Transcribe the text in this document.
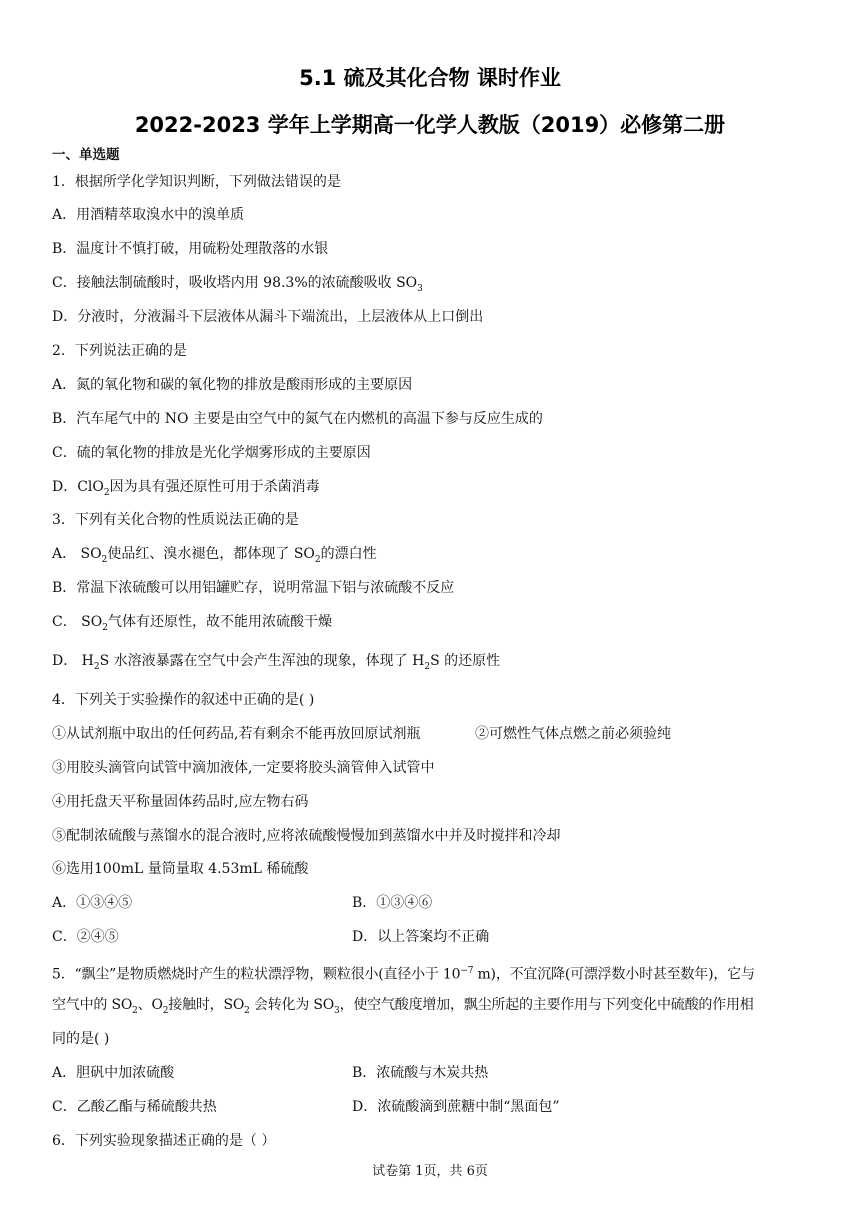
5.1 硫及其化合物 课时作业
2022-2023 学年上学期高一化学人教版（2019）必修第二册
一、单选题
1．根据所学化学知识判断，下列做法错误的是
A．用酒精萃取溴水中的溴单质
B．温度计不慎打破，用硫粉处理散落的水银
C．接触法制硫酸时，吸收塔内用 98.3%的浓硫酸吸收 $SO_3$
D．分液时，分液漏斗下层液体从漏斗下端流出，上层液体从上口倒出
2．下列说法正确的是
A．氮的氧化物和碳的氧化物的排放是酸雨形成的主要原因
B．汽车尾气中的 NO 主要是由空气中的氮气在内燃机的高温下参与反应生成的
C．硫的氧化物的排放是光化学烟雾形成的主要原因
D．ClO$_2$因为具有强还原性可用于杀菌消毒
3．下列有关化合物的性质说法正确的是
A． $SO_2$使品红、溴水褪色，都体现了 $SO_2$的漂白性
B．常温下浓硫酸可以用铝罐贮存，说明常温下铝与浓硫酸不反应
C． $SO_2$气体有还原性，故不能用浓硫酸干燥
D． $H_2S$ 水溶液暴露在空气中会产生浑浊的现象，体现了 $H_2S$ 的还原性
4．下列关于实验操作的叙述中正确的是( )
①从试剂瓶中取出的任何药品,若有剩余不能再放回原试剂瓶	②可燃性气体点燃之前必须验纯
③用胶头滴管向试管中滴加液体,一定要将胶头滴管伸入试管中
④用托盘天平称量固体药品时,应左物右码
⑤配制浓硫酸与蒸馏水的混合液时,应将浓硫酸慢慢加到蒸馏水中并及时搅拌和冷却
⑥选用100mL 量筒量取 4.53mL 稀硫酸
A．①③④⑤	B．①③④⑥
C．②④⑤	D．以上答案均不正确
5．“飘尘”是物质燃烧时产生的粒状漂浮物，颗粒很小(直径小于 $10^{-7}$ m)，不宜沉降(可漂浮数小时甚至数年)，它与
空气中的 $SO_2$、$O_2$接触时，$SO_2$ 会转化为 $SO_3$，使空气酸度增加，飘尘所起的主要作用与下列变化中硫酸的作用相
同的是( )
A．胆矾中加浓硫酸	B．浓硫酸与木炭共热
C．乙酸乙酯与稀硫酸共热	D．浓硫酸滴到蔗糖中制“黑面包”
6．下列实验现象描述正确的是（ ）
试卷第 1页，共 6页
